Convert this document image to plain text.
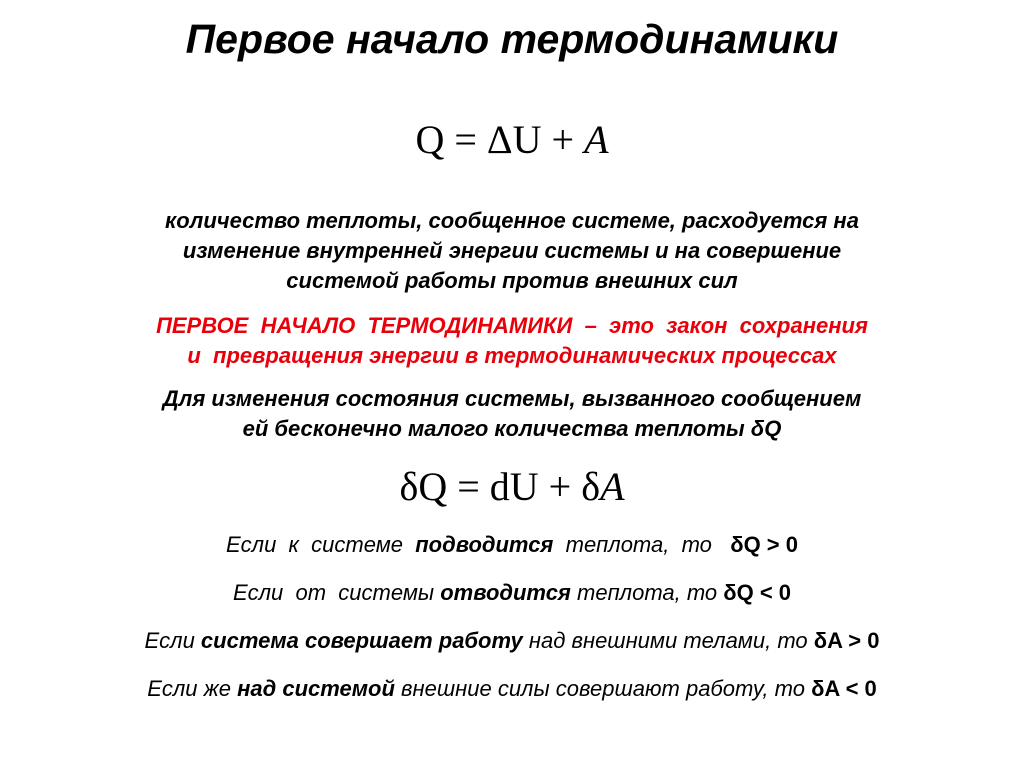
Первое начало термодинамики
Q = ΔU + A
количество теплоты, сообщенное системе, расходуется на
изменение внутренней энергии системы и на совершение
системой работы против внешних сил
ПЕРВОЕ  НАЧАЛО  ТЕРМОДИНАМИКИ  –  это  закон  сохранения
и  превращения энергии в термодинамических процессах
Для изменения состояния системы, вызванного сообщением
ей бесконечно малого количества теплоты δQ
δQ = dU + δA
Если  к  системе  подводится  теплота,  то   δQ > 0
Если  от  системы отводится теплота, то δQ < 0
Если система совершает работу над внешними телами, то δA > 0
Если же над системой внешние силы совершают работу, то δA < 0
